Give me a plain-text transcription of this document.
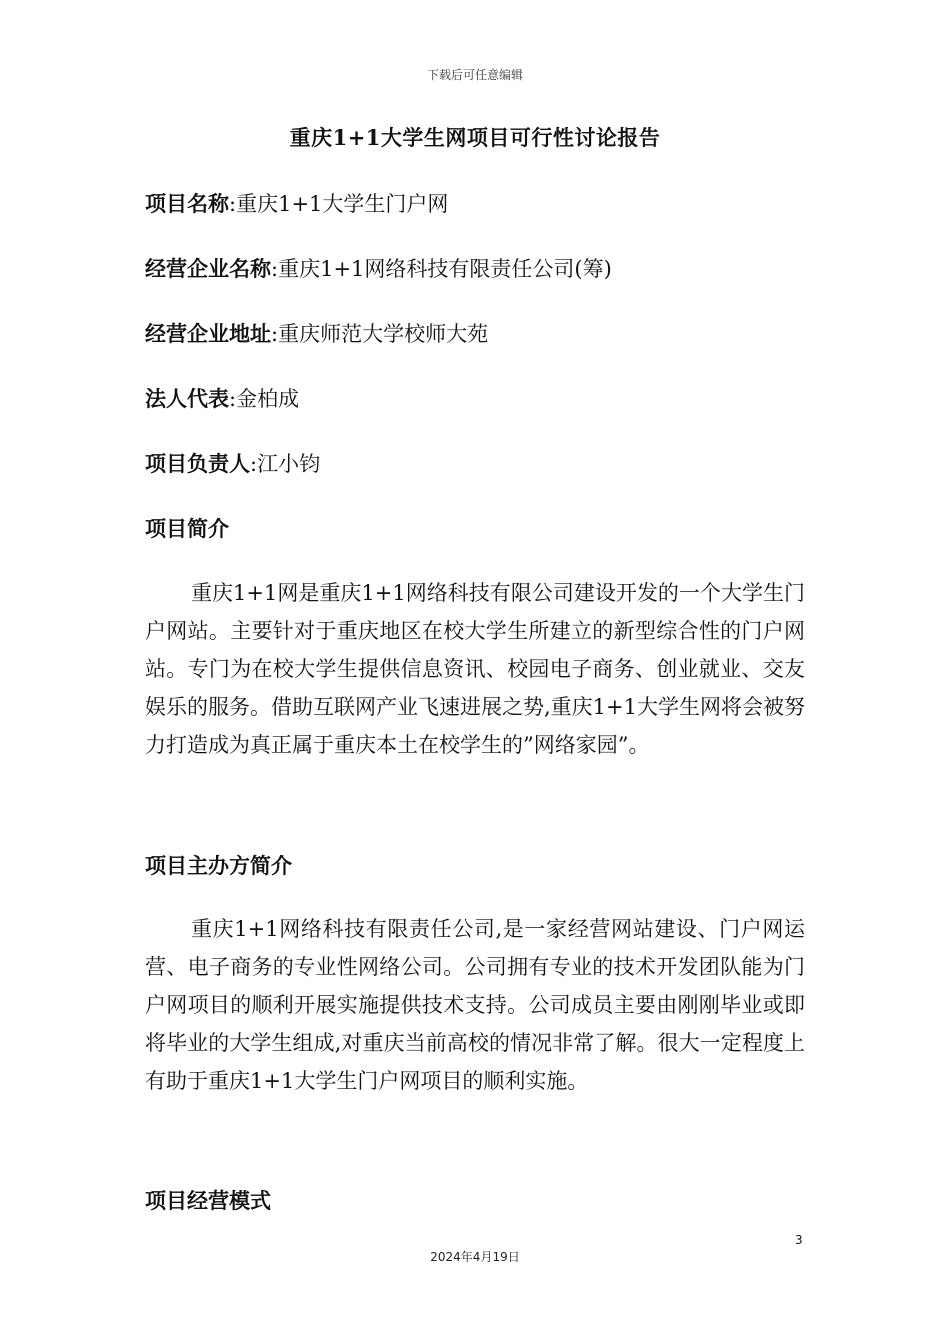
下载后可任意编辑
重庆1+1大学生网项目可行性讨论报告
项目名称:重庆1+1大学生门户网
经营企业名称:重庆1+1网络科技有限责任公司(筹)
经营企业地址:重庆师范大学校师大苑
法人代表:金柏成
项目负责人:江小钧
项目简介

重庆1+1网是重庆1+1网络科技有限公司建设开发的一个大学生门户网站。主要针对于重庆地区在校大学生所建立的新型综合性的门户网站。专门为在校大学生提供信息资讯、校园电子商务、创业就业、交友娱乐的服务。借助互联网产业飞速进展之势,重庆1+1大学生网将会被努力打造成为真正属于重庆本土在校学生的”网络家园”。

项目主办方简介

重庆1+1网络科技有限责任公司,是一家经营网站建设、门户网运营、电子商务的专业性网络公司。公司拥有专业的技术开发团队能为门户网项目的顺利开展实施提供技术支持。公司成员主要由刚刚毕业或即将毕业的大学生组成,对重庆当前高校的情况非常了解。很大一定程度上有助于重庆1+1大学生门户网项目的顺利实施。

项目经营模式
3
2024年4月19日
